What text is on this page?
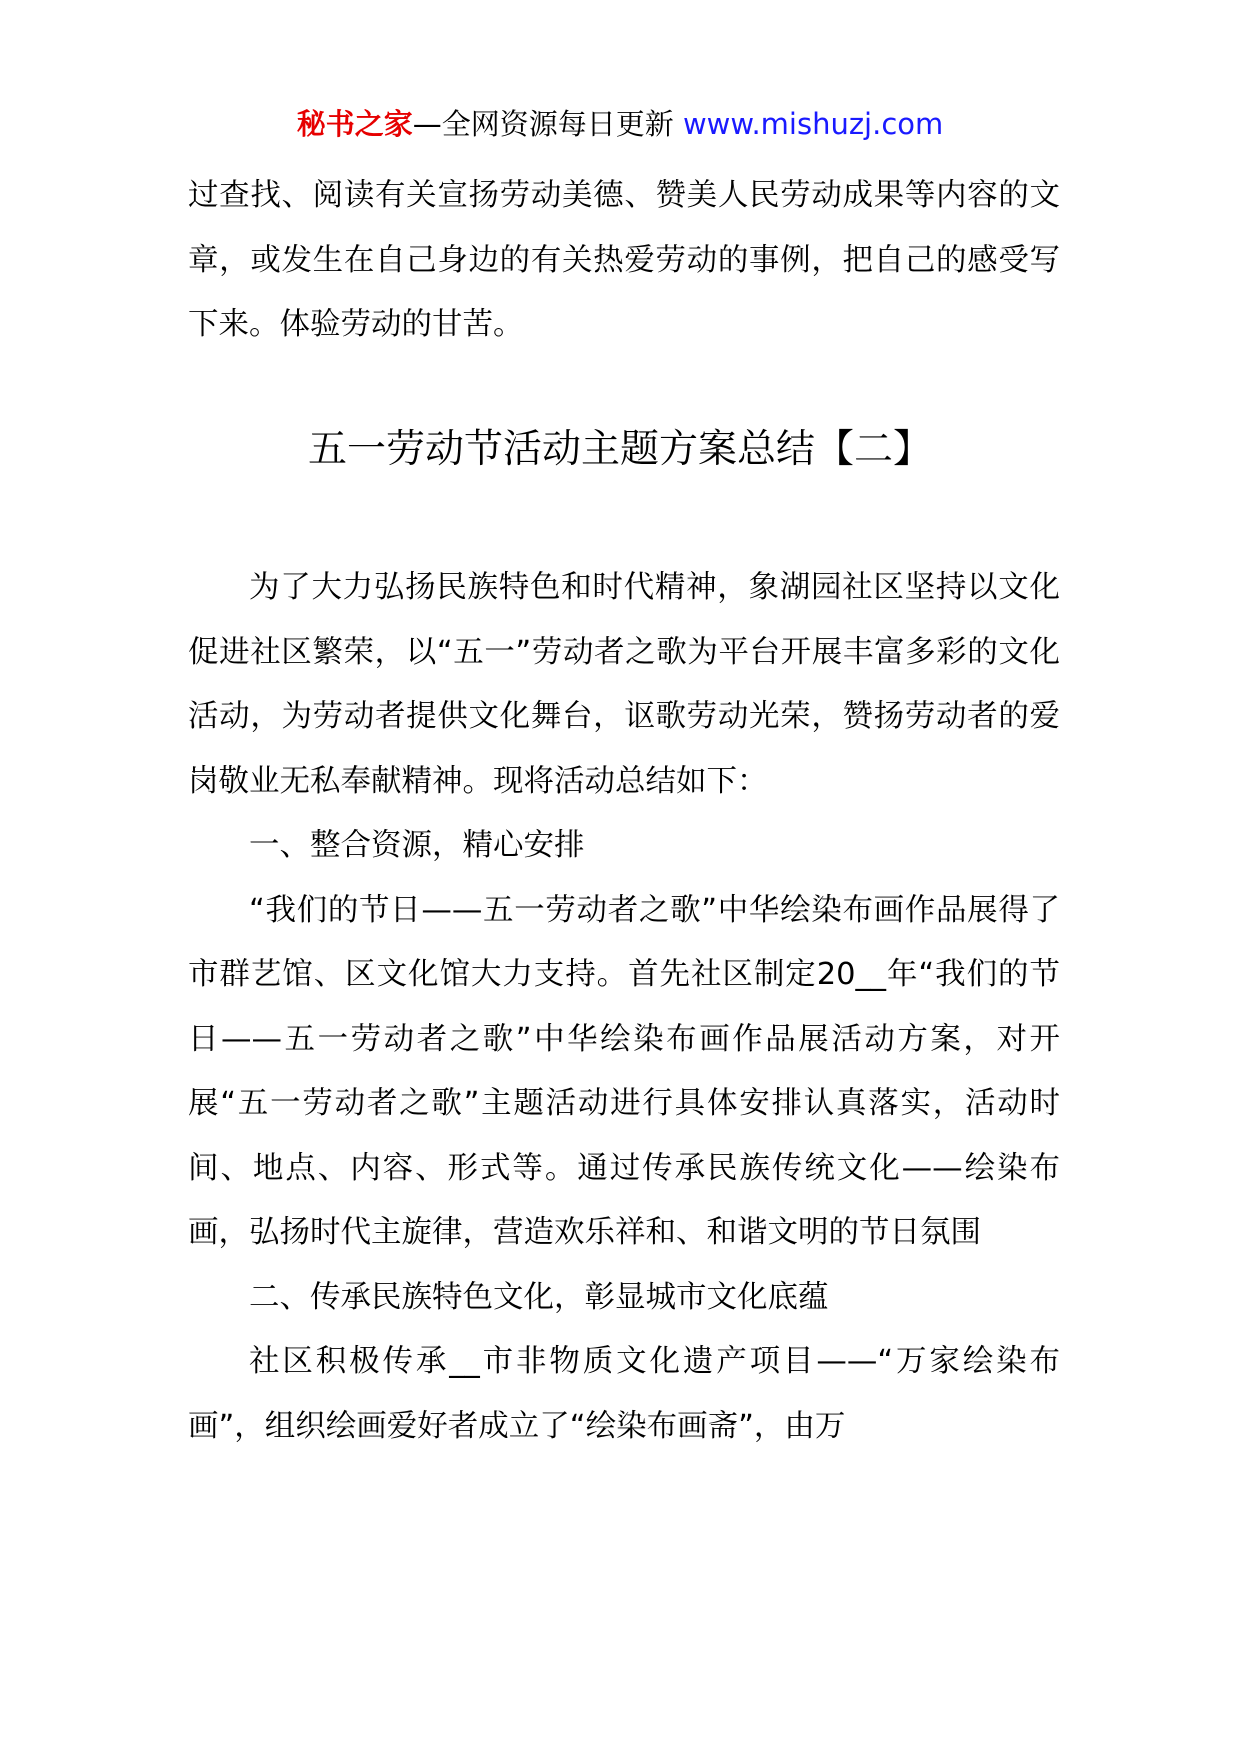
秘书之家—全网资源每日更新 www.mishuzj.com

过查找、阅读有关宣扬劳动美德、赞美人民劳动成果等内容的文章，或发生在自己身边的有关热爱劳动的事例，把自己的感受写下来。体验劳动的甘苦。

五一劳动节活动主题方案总结【二】

为了大力弘扬民族特色和时代精神，象湖园社区坚持以文化促进社区繁荣，以“五一”劳动者之歌为平台开展丰富多彩的文化活动，为劳动者提供文化舞台，讴歌劳动光荣，赞扬劳动者的爱岗敬业无私奉献精神。现将活动总结如下：

一、整合资源，精心安排

“我们的节日——五一劳动者之歌”中华绘染布画作品展得了市群艺馆、区文化馆大力支持。首先社区制定20__年“我们的节日——五一劳动者之歌”中华绘染布画作品展活动方案，对开展“五一劳动者之歌”主题活动进行具体安排认真落实，活动时间、地点、内容、形式等。通过传承民族传统文化——绘染布画，弘扬时代主旋律，营造欢乐祥和、和谐文明的节日氛围

二、传承民族特色文化，彰显城市文化底蕴

社区积极传承__市非物质文化遗产项目——“万家绘染布画”，组织绘画爱好者成立了“绘染布画斋”，由万
